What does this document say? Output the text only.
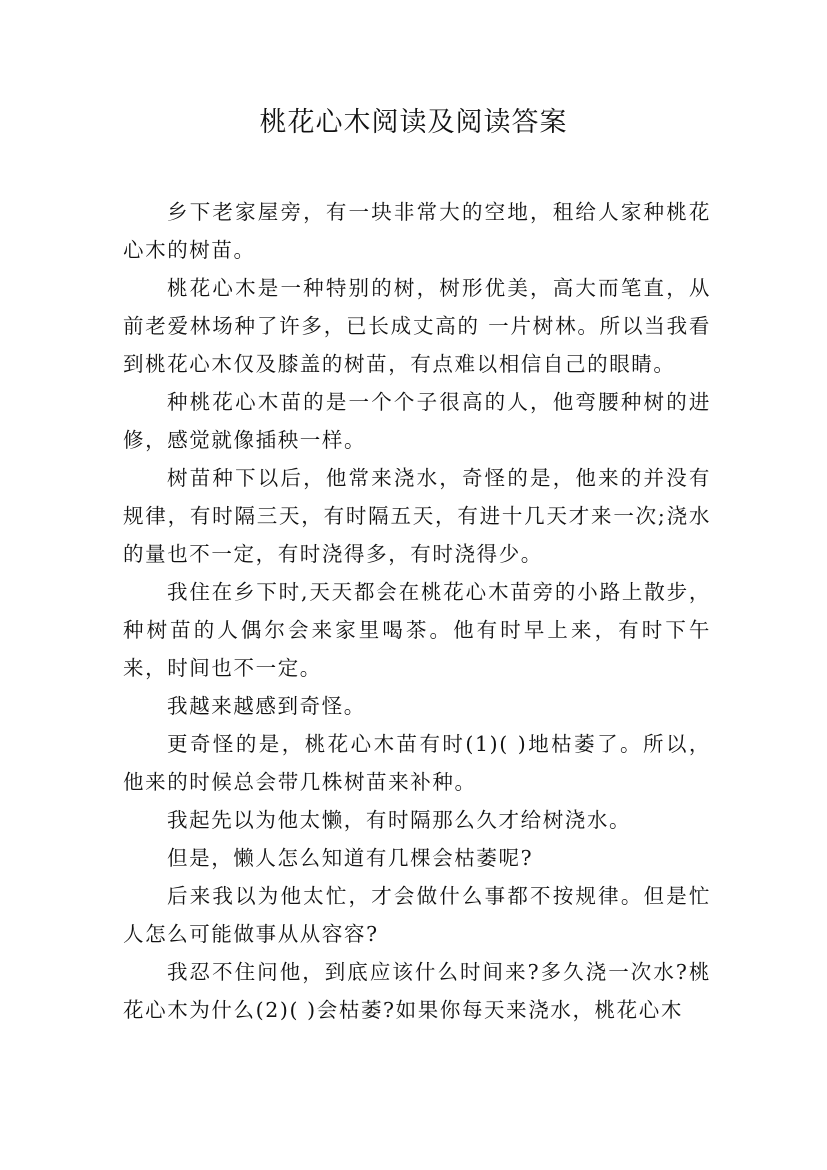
桃花心木阅读及阅读答案

乡下老家屋旁，有一块非常大的空地，租给人家种桃花心木的树苗。

桃花心木是一种特别的树，树形优美，高大而笔直，从前老爱林场种了许多，已长成丈高的 一片树林。所以当我看到桃花心木仅及膝盖的树苗，有点难以相信自己的眼睛。

种桃花心木苗的是一个个子很高的人，他弯腰种树的进修，感觉就像插秧一样。

树苗种下以后，他常来浇水，奇怪的是，他来的并没有规律，有时隔三天，有时隔五天，有进十几天才来一次;浇水的量也不一定，有时浇得多，有时浇得少。

我住在乡下时,天天都会在桃花心木苗旁的小路上散步，种树苗的人偶尔会来家里喝茶。他有时早上来，有时下午来，时间也不一定。

我越来越感到奇怪。

更奇怪的是，桃花心木苗有时(1)( )地枯萎了。所以，他来的时候总会带几株树苗来补种。

我起先以为他太懒，有时隔那么久才给树浇水。

但是，懒人怎么知道有几棵会枯萎呢?

后来我以为他太忙，才会做什么事都不按规律。但是忙人怎么可能做事从从容容?

我忍不住问他，到底应该什么时间来?多久浇一次水?桃花心木为什么(2)( )会枯萎?如果你每天来浇水，桃花心木
